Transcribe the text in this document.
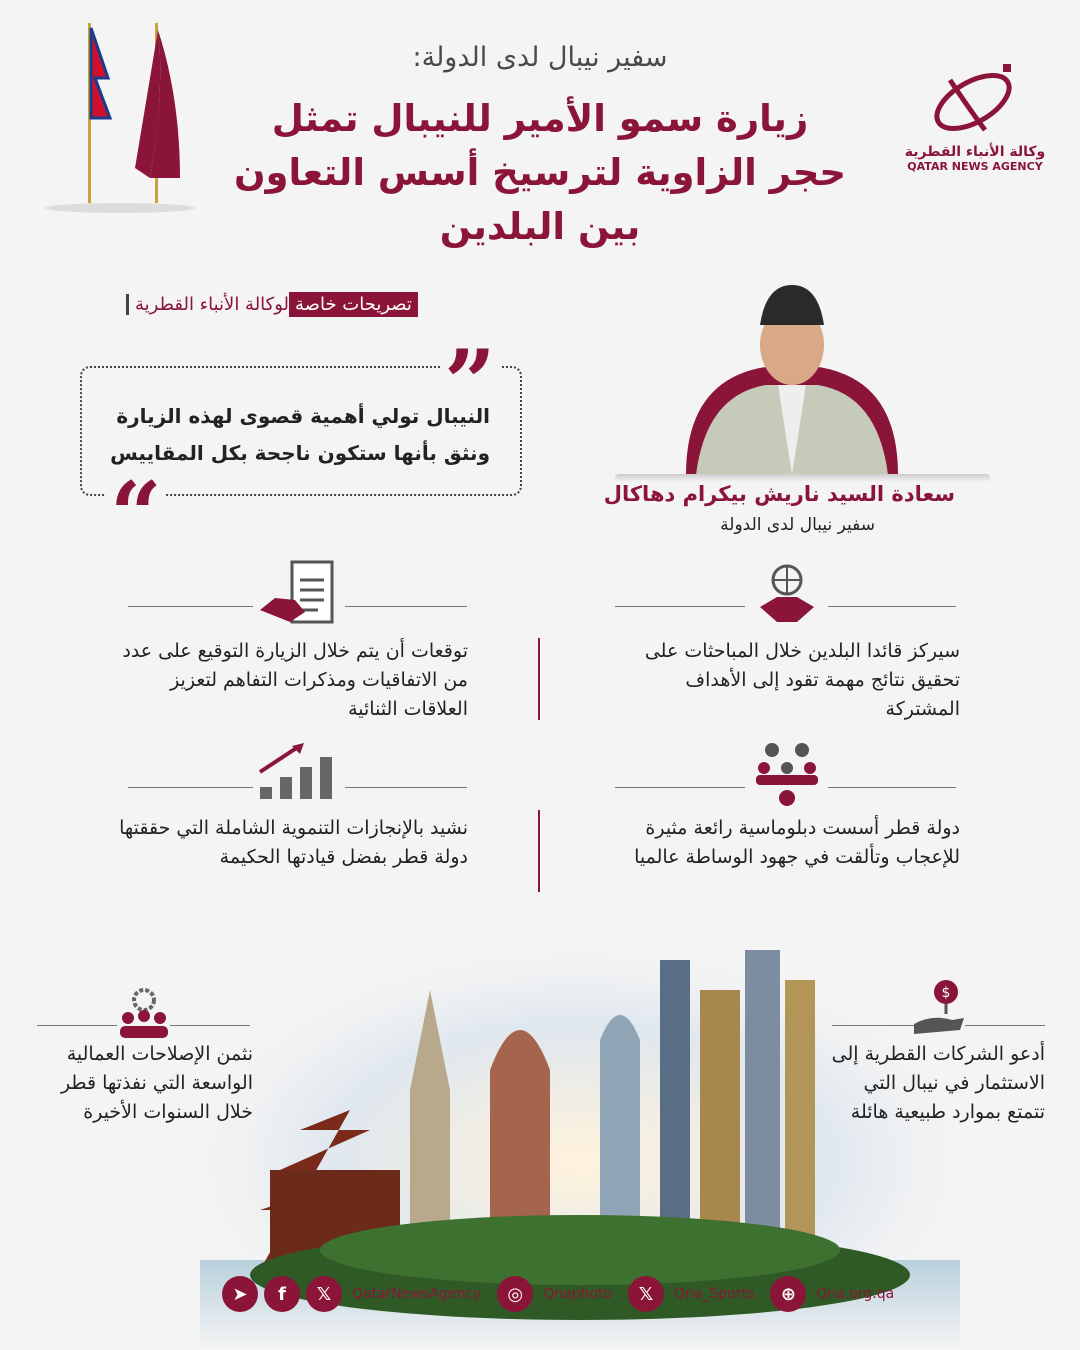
سفير نيبال لدى الدولة:
زيارة سمو الأمير للنيبال تمثل
حجر الزاوية لترسيخ أسس التعاون
بين البلدين
وكالة الأنباء القطرية
QATAR NEWS AGENCY
تصريحات خاصةلوكالة الأنباء القطرية
النيبال تولي أهمية قصوى لهذه الزيارة
ونثق بأنها ستكون ناجحة بكل المقاييس
”
“	سعادة السيد ناريش بيكرام دهاكال
سفير نيبال لدى الدولة
سيركز قائدا البلدين خلال المباحثات على تحقيق نتائج مهمة تقود إلى الأهداف المشتركة
توقعات أن يتم خلال الزيارة التوقيع على عدد من الاتفاقيات ومذكرات التفاهم لتعزيز العلاقات الثنائية
دولة قطر أسست دبلوماسية رائعة مثيرة للإعجاب وتألقت في جهود الوساطة عالميا
نشيد بالإنجازات التنموية الشاملة التي حققتها دولة قطر بفضل قيادتها الحكيمة
$
أدعو الشركات القطرية إلى الاستثمار في نيبال التي تتمتع بموارد طبيعية هائلة
نثمن الإصلاحات العمالية الواسعة التي نفذتها قطر خلال السنوات الأخيرة
➤	f	𝕏	QatarNewsAgency	◎	Qnaphoto	𝕏	Qna_Sports	⊕	Qna.org.qa
